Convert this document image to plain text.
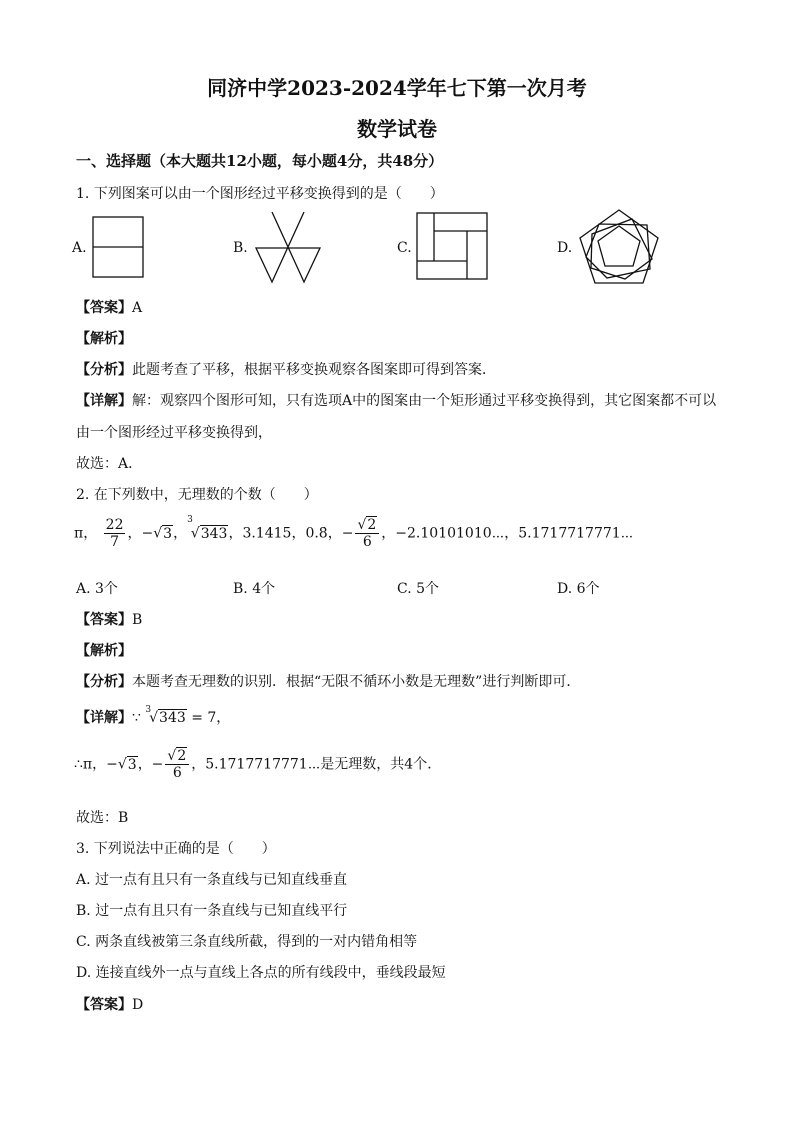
同济中学2023-2024学年七下第一次月考
数学试卷
一、选择题（本大题共12小题，每小题4分，共48分）
1. 下列图案可以由一个图形经过平移变换得到的是（　　）
A.	B.	C.	D.
【答案】A
【解析】
【分析】此题考查了平移，根据平移变换观察各图案即可得到答案．
【详解】解：观察四个图形可知，只有选项A中的图案由一个矩形通过平移变换得到，其它图案都不可以
由一个图形经过平移变换得到，
故选：A．
2. 在下列数中，无理数的个数（　　）
π， $\frac{22}{7}$ ，−√3，$^3$√343，3.1415，0.8̇，− $\frac{√2}{6}$ ，−2.10101010⋯，5.1717717771⋯
A. 3个	B. 4个	C. 5个	D. 6个
【答案】B
【解析】
【分析】本题考查无理数的识别．根据“无限不循环小数是无理数”进行判断即可．
【详解】∵ $^3$√343 = 7，
∴π，−√3，− $\frac{√2}{6}$ ，5.1717717771⋯是无理数，共4个．
故选：B
3. 下列说法中正确的是（　　）
A. 过一点有且只有一条直线与已知直线垂直
B. 过一点有且只有一条直线与已知直线平行
C. 两条直线被第三条直线所截，得到的一对内错角相等
D. 连接直线外一点与直线上各点的所有线段中，垂线段最短
【答案】D
